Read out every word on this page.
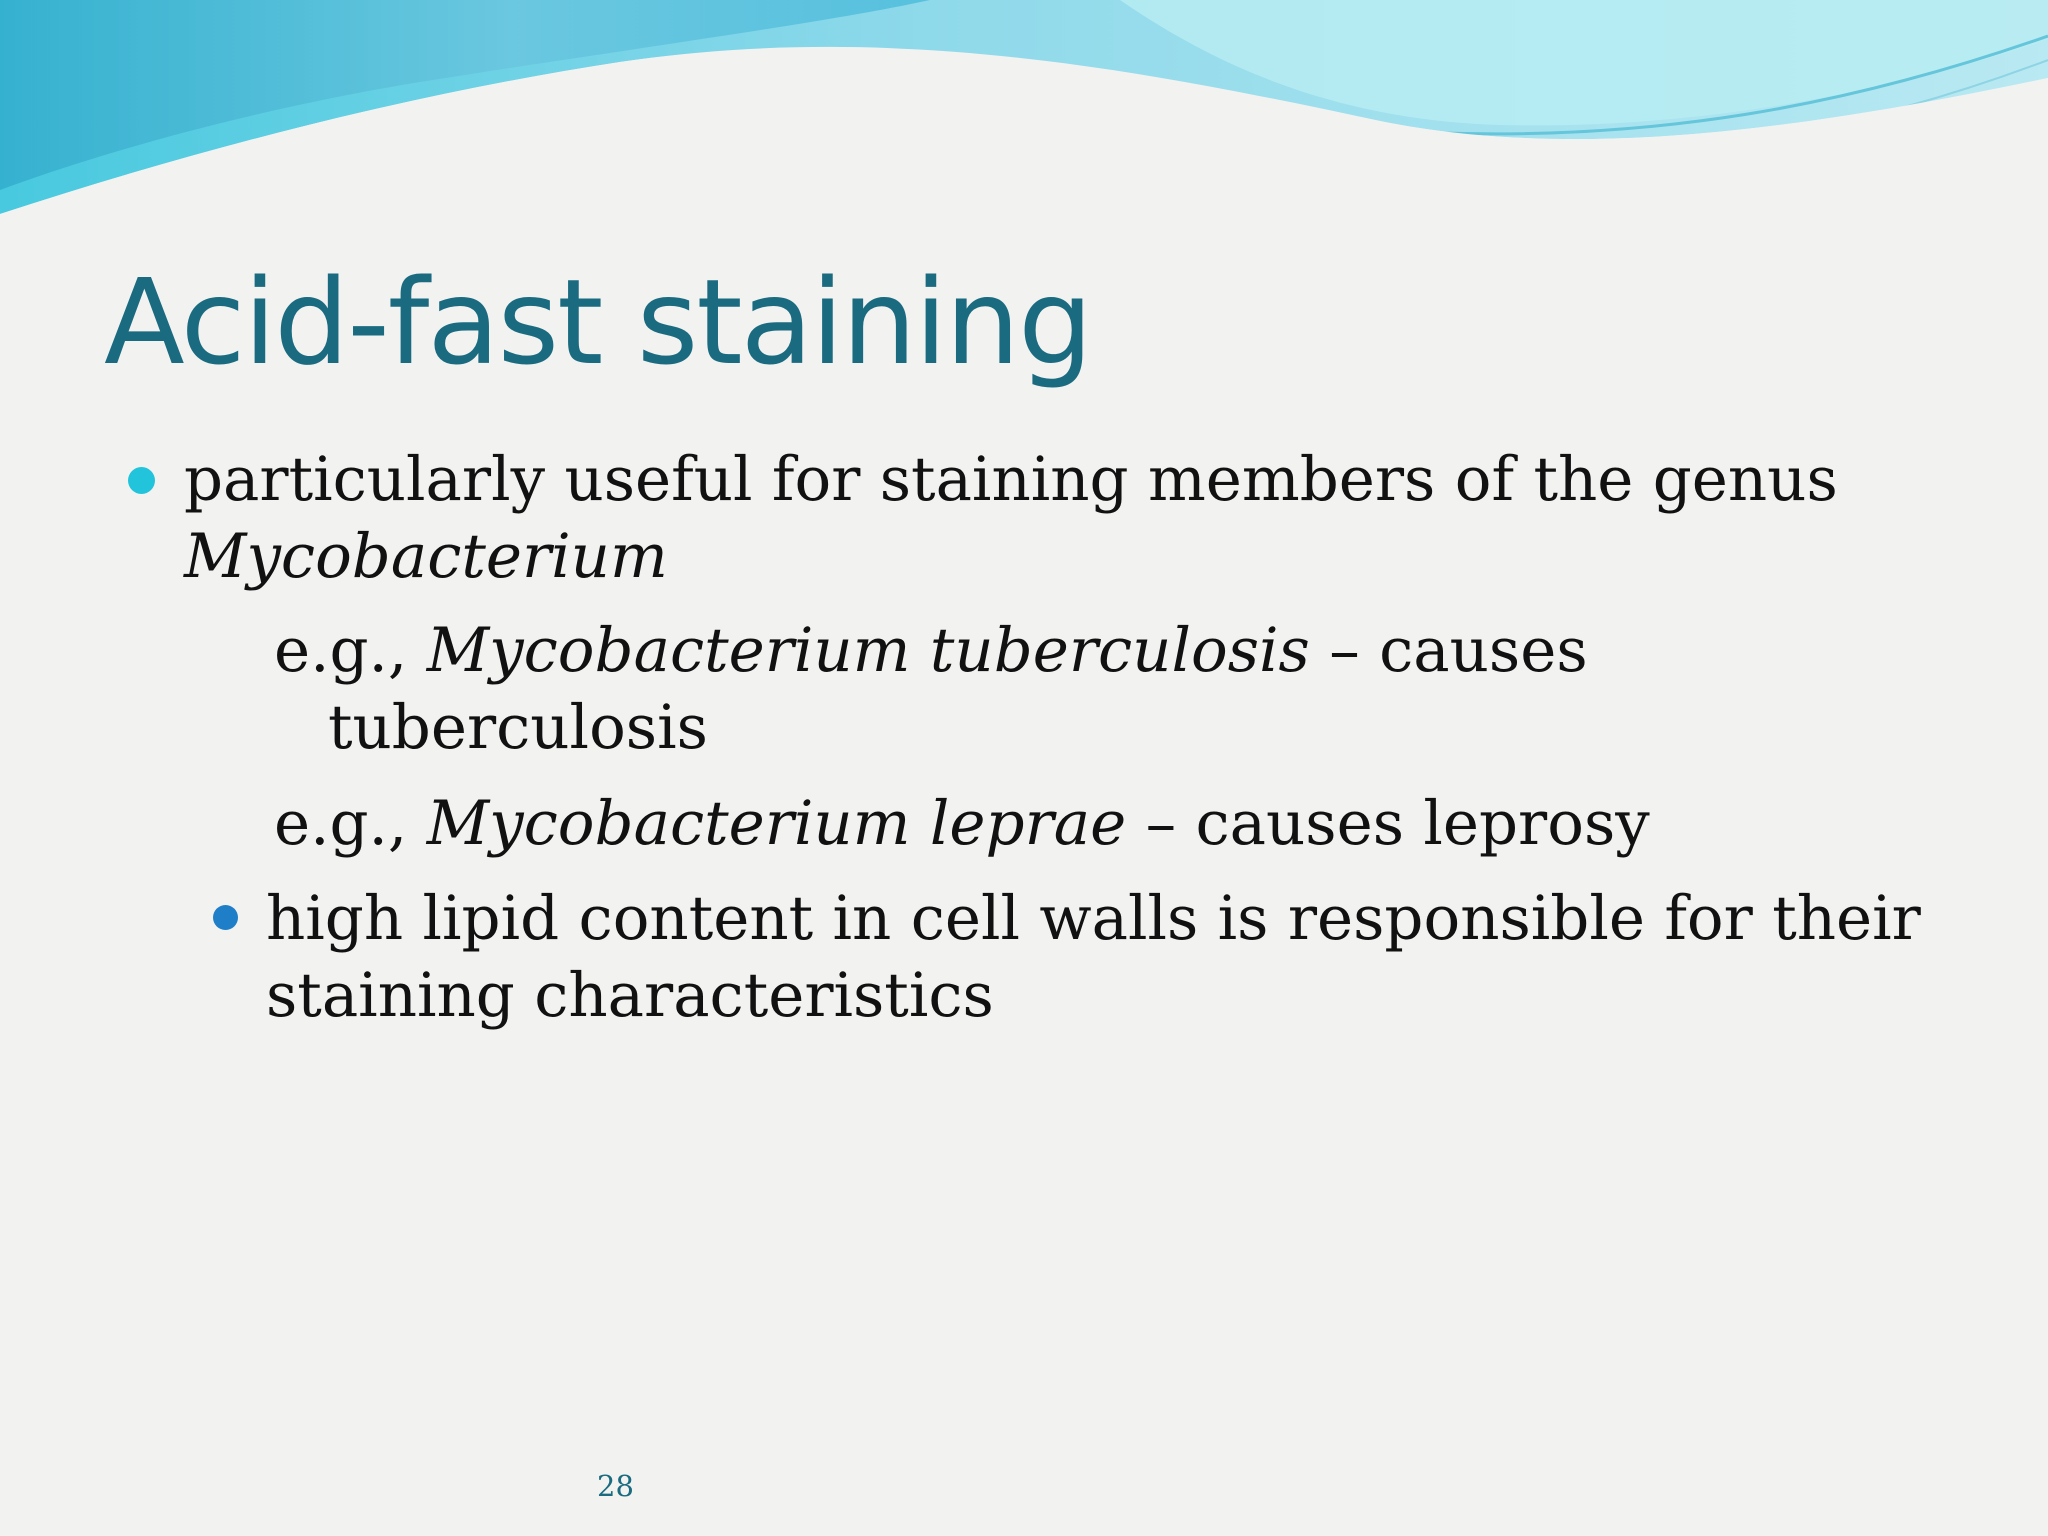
Acid-fast staining
particularly useful for staining members of the genus
Mycobacterium
e.g., Mycobacterium tuberculosis – causes
tuberculosis
e.g., Mycobacterium leprae – causes leprosy
high lipid content in cell walls is responsible for their
staining characteristics
28
